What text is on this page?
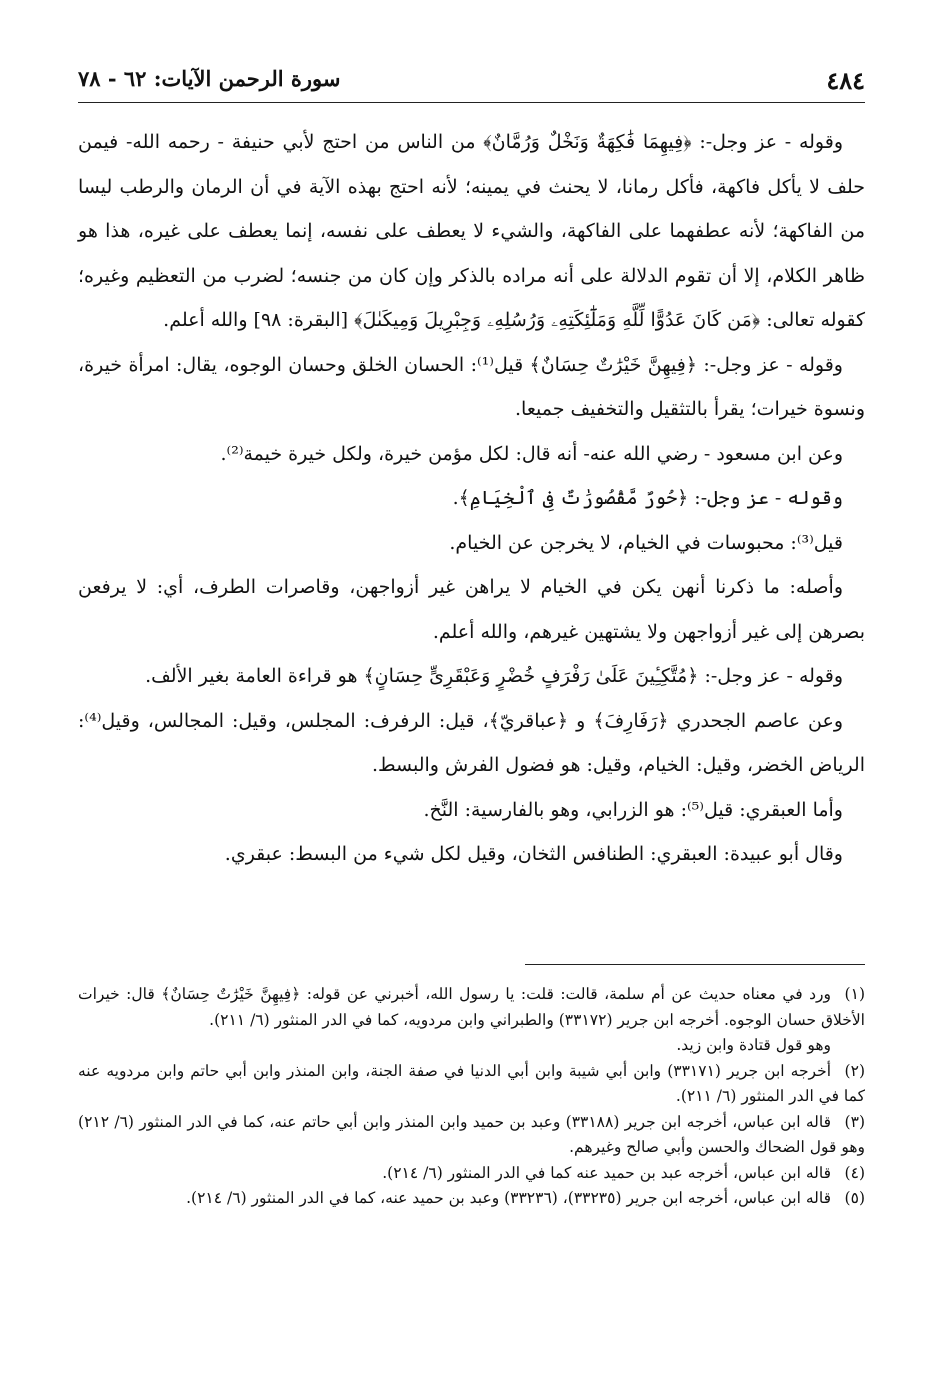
٤٨٤
سورة الرحمن الآيات: ٦٢ - ٧٨

وقوله - عز وجل-: ﴿فِيهِمَا فَٰكِهَةٌ وَنَخْلٌ وَرُمَّانٌ﴾ من الناس من احتج لأبي حنيفة - رحمه الله- فيمن حلف لا يأكل فاكهة، فأكل رمانا، لا يحنث في يمينه؛ لأنه احتج بهذه الآية في أن الرمان والرطب ليسا من الفاكهة؛ لأنه عطفهما على الفاكهة، والشيء لا يعطف على نفسه، إنما يعطف على غيره، هذا هو ظاهر الكلام، إلا أن تقوم الدلالة على أنه مراده بالذكر وإن كان من جنسه؛ لضرب من التعظيم وغيره؛ كقوله تعالى: ﴿مَن كَانَ عَدُوًّا لِّلَّهِ وَمَلَٰٓئِكَتِهِۦ وَرُسُلِهِۦ وَجِبْرِيلَ وَمِيكَىٰلَ﴾ [البقرة: ٩٨] والله أعلم.

وقوله - عز وجل-: ﴿فِيهِنَّ خَيْرَٰتٌ حِسَانٌ﴾ قيل⁽¹⁾: الحسان الخلق وحسان الوجوه، يقال: امرأة خيرة، ونسوة خيرات؛ يقرأ بالتثقيل والتخفيف جميعا.

وعن ابن مسعود - رضي الله عنه- أنه قال: لكل مؤمن خيرة، ولكل خيرة خيمة⁽²⁾.

وقوله - عز وجل-: ﴿حُورٌ مَّقْصُورَٰتٌ فِى ٱلْخِيَامِ﴾.

قيل⁽³⁾: محبوسات في الخيام، لا يخرجن عن الخيام.

وأصله: ما ذكرنا أنهن يكن في الخيام لا يراهن غير أزواجهن، وقاصرات الطرف، أي: لا يرفعن بصرهن إلى غير أزواجهن ولا يشتهين غيرهم، والله أعلم.

وقوله - عز وجل-: ﴿مُتَّكِـِٔينَ عَلَىٰ رَفْرَفٍ خُضْرٍ وَعَبْقَرِىٍّ حِسَانٍ﴾ هو قراءة العامة بغير الألف.

وعن عاصم الجحدري ﴿رَفَارِفَ﴾ و ﴿عباقريّ﴾، قيل: الرفرف: المجلس، وقيل: المجالس، وقيل⁽⁴⁾: الرياض الخضر، وقيل: الخيام، وقيل: هو فضول الفرش والبسط.

وأما العبقري: قيل⁽⁵⁾: هو الزرابي، وهو بالفارسية: النَّخ.

وقال أبو عبيدة: العبقري: الطنافس الثخان، وقيل لكل شيء من البسط: عبقري.

(١)ورد في معناه حديث عن أم سلمة، قالت: قلت: يا رسول الله، أخبرني عن قوله: ﴿فِيهِنَّ خَيْرَٰتٌ حِسَانٌ﴾ قال: خيرات الأخلاق حسان الوجوه. أخرجه ابن جرير (٣٣١٧٢) والطبراني وابن مردويه، كما في الدر المنثور (٦/ ٢١١).

وهو قول قتادة وابن زيد.

(٢)أخرجه ابن جرير (٣٣١٧١) وابن أبي شيبة وابن أبي الدنيا في صفة الجنة، وابن المنذر وابن أبي حاتم وابن مردويه عنه كما في الدر المنثور (٦/ ٢١١).

(٣)قاله ابن عباس، أخرجه ابن جرير (٣٣١٨٨) وعبد بن حميد وابن المنذر وابن أبي حاتم عنه، كما في الدر المنثور (٦/ ٢١٢) وهو قول الضحاك والحسن وأبي صالح وغيرهم.

(٤)قاله ابن عباس، أخرجه عبد بن حميد عنه كما في الدر المنثور (٦/ ٢١٤).

(٥)قاله ابن عباس، أخرجه ابن جرير (٣٣٢٣٥)، (٣٣٢٣٦) وعبد بن حميد عنه، كما في الدر المنثور (٦/ ٢١٤).
